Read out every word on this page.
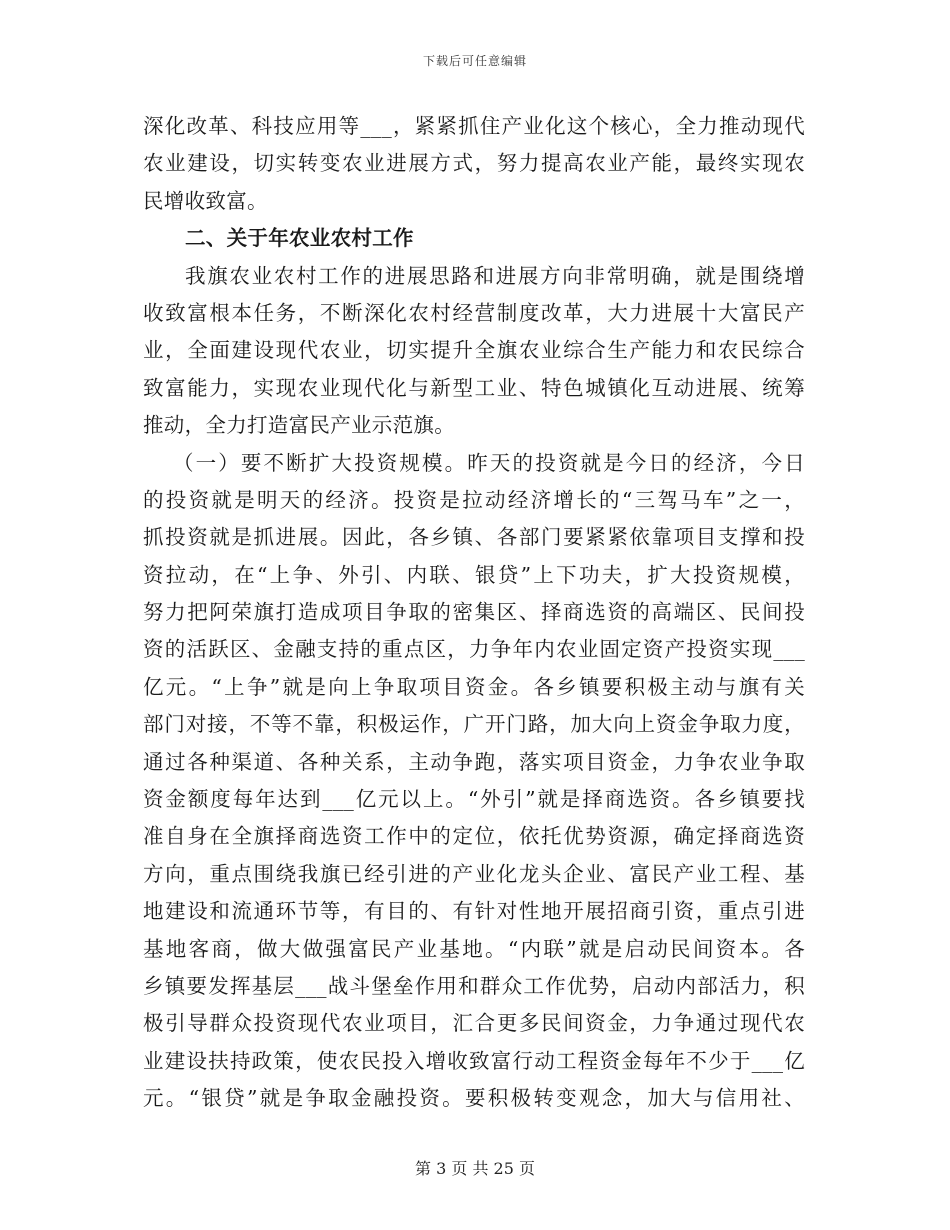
下载后可任意编辑
深化改革、科技应用等___，紧紧抓住产业化这个核心，全力推动现代
农业建设，切实转变农业进展方式，努力提高农业产能，最终实现农
民增收致富。
二、关于年农业农村工作
我旗农业农村工作的进展思路和进展方向非常明确，就是围绕增
收致富根本任务，不断深化农村经营制度改革，大力进展十大富民产
业，全面建设现代农业，切实提升全旗农业综合生产能力和农民综合
致富能力，实现农业现代化与新型工业、特色城镇化互动进展、统筹
推动，全力打造富民产业示范旗。
（一）要不断扩大投资规模。昨天的投资就是今日的经济，今日
的投资就是明天的经济。投资是拉动经济增长的“三驾马车”之一，
抓投资就是抓进展。因此，各乡镇、各部门要紧紧依靠项目支撑和投
资拉动，在“上争、外引、内联、银贷”上下功夫，扩大投资规模，
努力把阿荣旗打造成项目争取的密集区、择商选资的高端区、民间投
资的活跃区、金融支持的重点区，力争年内农业固定资产投资实现___
亿元。“上争”就是向上争取项目资金。各乡镇要积极主动与旗有关
部门对接，不等不靠，积极运作，广开门路，加大向上资金争取力度，
通过各种渠道、各种关系，主动争跑，落实项目资金，力争农业争取
资金额度每年达到___亿元以上。“外引”就是择商选资。各乡镇要找
准自身在全旗择商选资工作中的定位，依托优势资源，确定择商选资
方向，重点围绕我旗已经引进的产业化龙头企业、富民产业工程、基
地建设和流通环节等，有目的、有针对性地开展招商引资，重点引进
基地客商，做大做强富民产业基地。“内联”就是启动民间资本。各
乡镇要发挥基层___战斗堡垒作用和群众工作优势，启动内部活力，积
极引导群众投资现代农业项目，汇合更多民间资金，力争通过现代农
业建设扶持政策，使农民投入增收致富行动工程资金每年不少于___亿
元。“银贷”就是争取金融投资。要积极转变观念，加大与信用社、
第 3 页 共 25 页
